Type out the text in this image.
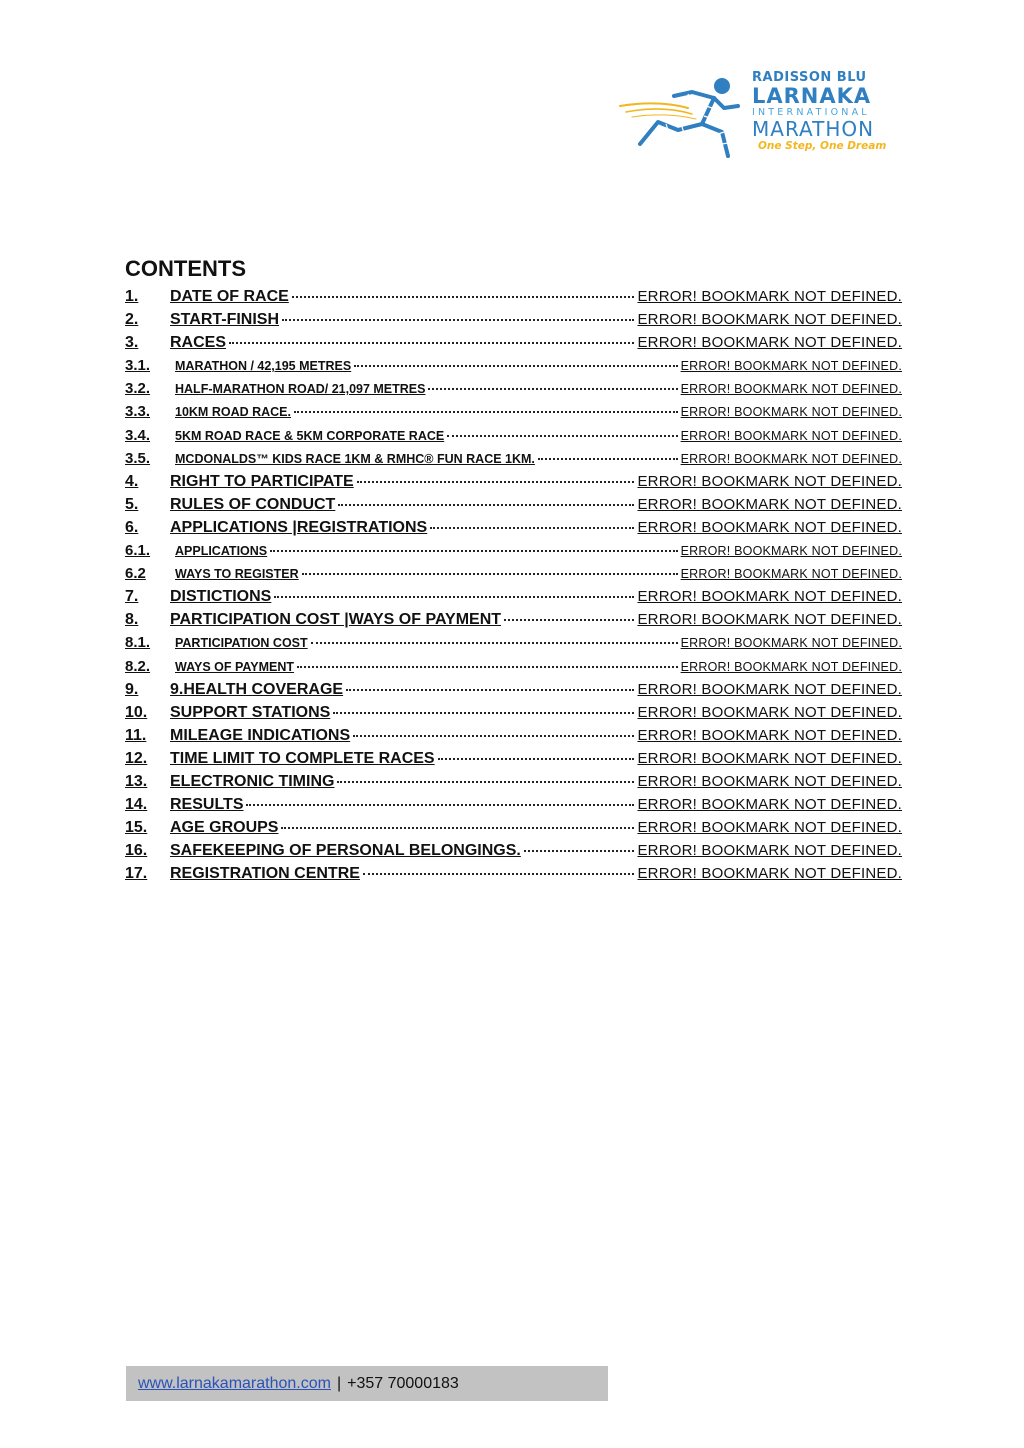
RADISSON BLU
LARNAKA
INTERNATIONAL
MARATHON
One Step, One Dream
CONTENTS
1.	DATE OF RACE	ERROR! BOOKMARK NOT DEFINED.
2.	START-FINISH	ERROR! BOOKMARK NOT DEFINED.
3.	RACES	ERROR! BOOKMARK NOT DEFINED.
3.1.	MARATHON / 42,195 METRES	ERROR! BOOKMARK NOT DEFINED.
3.2.	HALF-MARATHON ROAD/ 21,097 METRES	ERROR! BOOKMARK NOT DEFINED.
3.3.	10KM ROAD RACE.	ERROR! BOOKMARK NOT DEFINED.
3.4.	5KM ROAD RACE & 5KM CORPORATE RACE	ERROR! BOOKMARK NOT DEFINED.
3.5.	MCDONALDS™ KIDS RACE 1KM & RMHC® FUN RACE 1KM.	ERROR! BOOKMARK NOT DEFINED.
4.	RIGHT TO PARTICIPATE	ERROR! BOOKMARK NOT DEFINED.
5.	RULES OF CONDUCT	ERROR! BOOKMARK NOT DEFINED.
6.	APPLICATIONS |REGISTRATIONS	ERROR! BOOKMARK NOT DEFINED.
6.1.	APPLICATIONS	ERROR! BOOKMARK NOT DEFINED.
6.2	WAYS TO REGISTER	ERROR! BOOKMARK NOT DEFINED.
7.	DISTICTIONS	ERROR! BOOKMARK NOT DEFINED.
8.	PARTICIPATION COST |WAYS OF PAYMENT	ERROR! BOOKMARK NOT DEFINED.
8.1.	PARTICIPATION COST	ERROR! BOOKMARK NOT DEFINED.
8.2.	WAYS OF PAYMENT	ERROR! BOOKMARK NOT DEFINED.
9.	9.HEALTH COVERAGE	ERROR! BOOKMARK NOT DEFINED.
10.	SUPPORT STATIONS	ERROR! BOOKMARK NOT DEFINED.
11.	MILEAGE INDICATIONS	ERROR! BOOKMARK NOT DEFINED.
12.	TIME LIMIT TO COMPLETE RACES	ERROR! BOOKMARK NOT DEFINED.
13.	ELECTRONIC TIMING	ERROR! BOOKMARK NOT DEFINED.
14.	RESULTS	ERROR! BOOKMARK NOT DEFINED.
15.	AGE GROUPS	ERROR! BOOKMARK NOT DEFINED.
16.	SAFEKEEPING OF PERSONAL BELONGINGS.	ERROR! BOOKMARK NOT DEFINED.
17.	REGISTRATION CENTRE	ERROR! BOOKMARK NOT DEFINED.
www.larnakamarathon.com | +357 70000183
